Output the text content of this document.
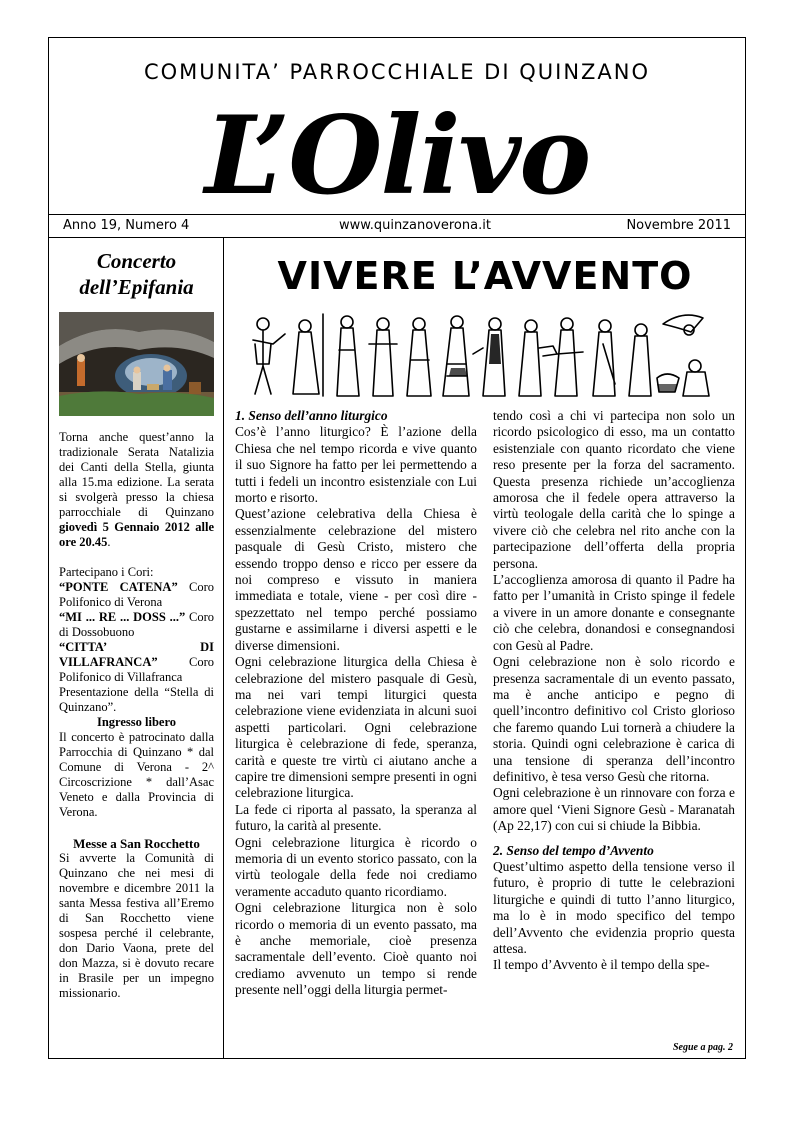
COMUNITA’ PARROCCHIALE DI QUINZANO
L’Olivo
Anno 19, Numero 4	www.quinzanoverona.it	Novembre 2011
Concerto
dell’Epifania

Torna anche quest’anno la tradizionale Serata Natalizia dei Canti della Stella, giunta alla 15.ma edizione. La serata si svolgerà presso la chiesa parrocchiale di Quinzano giovedì 5 Gennaio 2012 alle ore 20.45.

Partecipano i Cori:

“PONTE CATENA” Coro Polifonico di Verona

“MI ... RE ... DOSS ...” Coro di Dossobuono

“CITTA’ DI VILLAFRANCA” Coro Polifonico di Villafranca

Presentazione della “Stella di Quinzano”.

Ingresso libero

Il concerto è patrocinato dalla Parrocchia di Quinzano * dal Comune di Verona - 2^ Circoscrizione * dall’Asac Veneto e dalla Provincia di Verona.

Messe a San Rocchetto

Si avverte la Comunità di Quinzano che nei mesi di novembre e dicembre 2011 la santa Messa festiva all’Eremo di San Rocchetto viene sospesa perché il celebrante, don Dario Vaona, prete del don Mazza, si è dovuto recare in Brasile per un impegno missionario.

VIVERE L’AVVENTO
1. Senso dell’anno liturgico

Cos’è l’anno liturgico? È l’azione della Chiesa che nel tempo ricorda e vive quanto il suo Signore ha fatto per lei permettendo a tutti i fedeli un incontro esistenziale con Lui morto e risorto.

Quest’azione celebrativa della Chiesa è essenzialmente celebrazione del mistero pasquale di Gesù Cristo, mistero che essendo troppo denso e ricco per essere da noi compreso e vissuto in maniera immediata e totale, viene - per così dire - spezzettato nel tempo perché possiamo gustarne e assimilarne i diversi aspetti e le diverse dimensioni.

Ogni celebrazione liturgica della Chiesa è celebrazione del mistero pasquale di Gesù, ma nei vari tempi liturgici questa celebrazione viene evidenziata in alcuni suoi aspetti particolari. Ogni celebrazione liturgica è celebrazione di fede, speranza, carità e queste tre virtù ci aiutano anche a capire tre dimensioni sempre presenti in ogni celebrazione liturgica.

La fede ci riporta al passato, la speranza al futuro, la carità al presente.

Ogni celebrazione liturgica è ricordo o memoria di un evento storico passato, con la virtù teologale della fede noi crediamo veramente accaduto quanto ricordiamo.

Ogni celebrazione liturgica non è solo ricordo o memoria di un evento passato, ma è anche memoriale, cioè presenza sacramentale dell’evento. Cioè quanto noi crediamo avvenuto un tempo si rende presente nell’oggi della liturgia permet-

tendo così a chi vi partecipa non solo un ricordo psicologico di esso, ma un contatto esistenziale con quanto ricordato che viene reso presente per la forza del sacramento. Questa presenza richiede un’accoglienza amorosa che il fedele opera attraverso la virtù teologale della carità che lo spinge a vivere ciò che celebra nel rito anche con la partecipazione dell’offerta della propria persona.

L’accoglienza amorosa di quanto il Padre ha fatto per l’umanità in Cristo spinge il fedele a vivere in un amore donante e consegnante ciò che celebra, donandosi e consegnandosi con Gesù al Padre.

Ogni celebrazione non è solo ricordo e presenza sacramentale di un evento passato, ma è anche anticipo e pegno di quell’incontro definitivo col Cristo glorioso che faremo quando Lui tornerà a chiudere la storia. Quindi ogni celebrazione è carica di una tensione di speranza dell’incontro definitivo, è tesa verso Gesù che ritorna.

Ogni celebrazione è un rinnovare con forza e amore quel ‘Vieni Signore Gesù - Maranatah (Ap 22,17) con cui si chiude la Bibbia.

2. Senso del tempo d’Avvento

Quest’ultimo aspetto della tensione verso il futuro, è proprio di tutte le celebrazioni liturgiche e quindi di tutto l’anno liturgico, ma lo è in modo specifico del tempo dell’Avvento che evidenzia proprio questa attesa.

Il tempo d’Avvento è il tempo della spe-

Segue a pag. 2
